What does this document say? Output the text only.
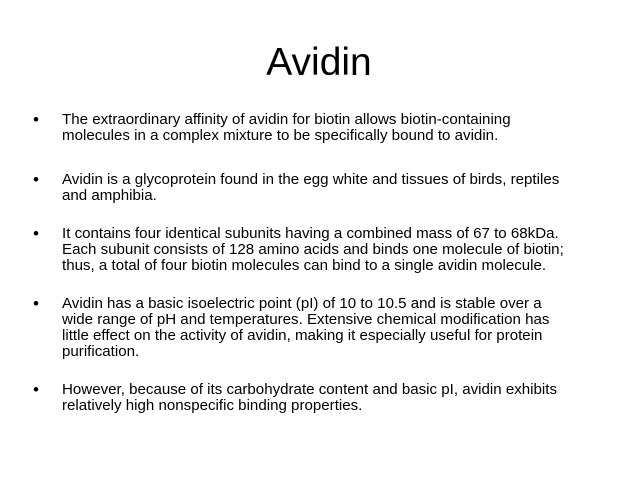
Avidin
• The extraordinary affinity of avidin for biotin allows biotin-containing
molecules in a complex mixture to be specifically bound to avidin.
• Avidin is a glycoprotein found in the egg white and tissues of birds, reptiles
and amphibia.
• It contains four identical subunits having a combined mass of 67 to 68kDa.
Each subunit consists of 128 amino acids and binds one molecule of biotin;
thus, a total of four biotin molecules can bind to a single avidin molecule.
• Avidin has a basic isoelectric point (pI) of 10 to 10.5 and is stable over a
wide range of pH and temperatures. Extensive chemical modification has
little effect on the activity of avidin, making it especially useful for protein
purification.
• However, because of its carbohydrate content and basic pI, avidin exhibits
relatively high nonspecific binding properties.
